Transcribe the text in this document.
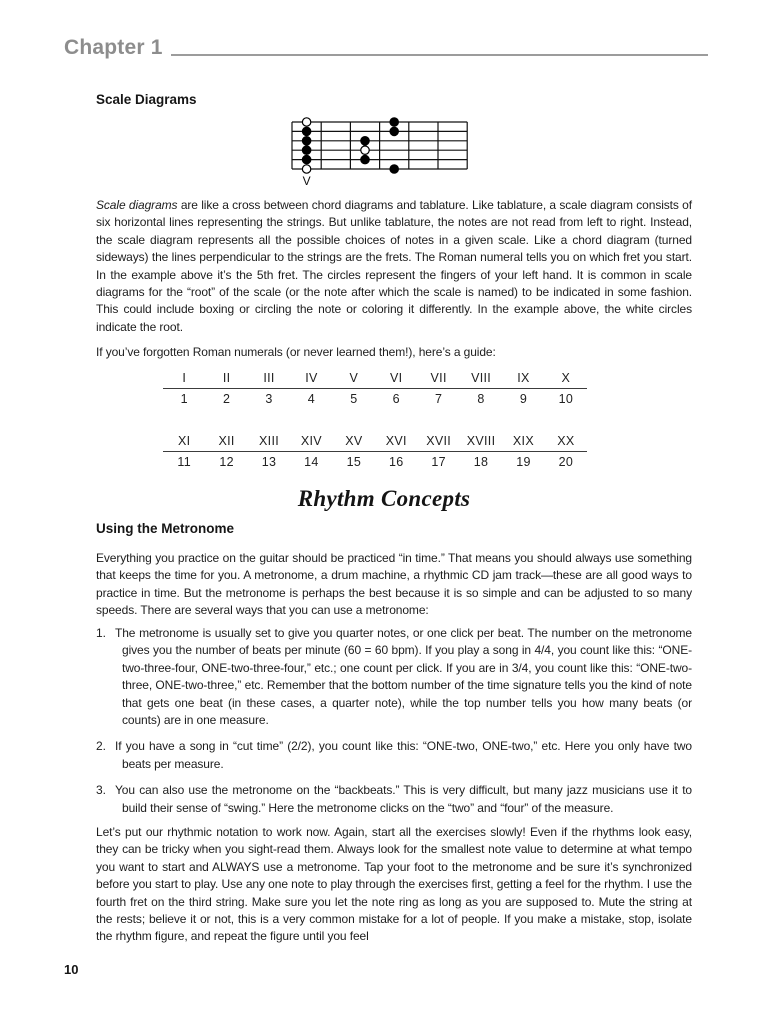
Chapter 1
Scale Diagrams
V
Scale diagrams are like a cross between chord diagrams and tablature. Like tablature, a scale diagram consists of six horizontal lines representing the strings. But unlike tablature, the notes are not read from left to right. Instead, the scale diagram represents all the possible choices of notes in a given scale. Like a chord diagram (turned sideways) the lines perpendicular to the strings are the frets. The Roman numeral tells you on which fret you start. In the example above it’s the 5th fret. The circles represent the fingers of your left hand. It is common in scale diagrams for the “root” of the scale (or the note after which the scale is named) to be indicated in some fashion. This could include boxing or circling the note or coloring it differently. In the example above, the white circles indicate the root.
If you’ve forgotten Roman numerals (or never learned them!), here’s a guide:
I	II	III	IV	V	VI	VII	VIII	IX	X
1	2	3	4	5	6	7	8	9	10
XI	XII	XIII	XIV	XV	XVI	XVII	XVIII	XIX	XX
11	12	13	14	15	16	17	18	19	20
Rhythm Concepts
Using the Metronome
Everything you practice on the guitar should be practiced “in time.” That means you should always use something that keeps the time for you. A metronome, a drum machine, a rhythmic CD jam track—these are all good ways to practice in time. But the metronome is perhaps the best because it is so simple and can be adjusted to so many speeds. There are several ways that you can use a metronome:
1. The metronome is usually set to give you quarter notes, or one click per beat. The number on the metronome gives you the number of beats per minute (60 = 60 bpm). If you play a song in 4/4, you count like this: “ONE-two-three-four, ONE-two-three-four,” etc.; one count per click. If you are in 3/4, you count like this: “ONE-two-three, ONE-two-three,” etc. Remember that the bottom number of the time signature tells you the kind of note that gets one beat (in these cases, a quarter note), while the top number tells you how many beats (or counts) are in one measure.
2. If you have a song in “cut time” (2/2), you count like this: “ONE-two, ONE-two,” etc. Here you only have two beats per measure.
3. You can also use the metronome on the “backbeats.” This is very difficult, but many jazz musicians use it to build their sense of “swing.” Here the metronome clicks on the “two” and “four” of the measure.
Let’s put our rhythmic notation to work now. Again, start all the exercises slowly! Even if the rhythms look easy, they can be tricky when you sight-read them. Always look for the smallest note value to determine at what tempo you want to start and ALWAYS use a metronome. Tap your foot to the metronome and be sure it’s synchronized before you start to play. Use any one note to play through the exercises first, getting a feel for the rhythm. I use the fourth fret on the third string. Make sure you let the note ring as long as you are supposed to. Mute the string at the rests; believe it or not, this is a very common mistake for a lot of people. If you make a mistake, stop, isolate the rhythm figure, and repeat the figure until you feel
10
